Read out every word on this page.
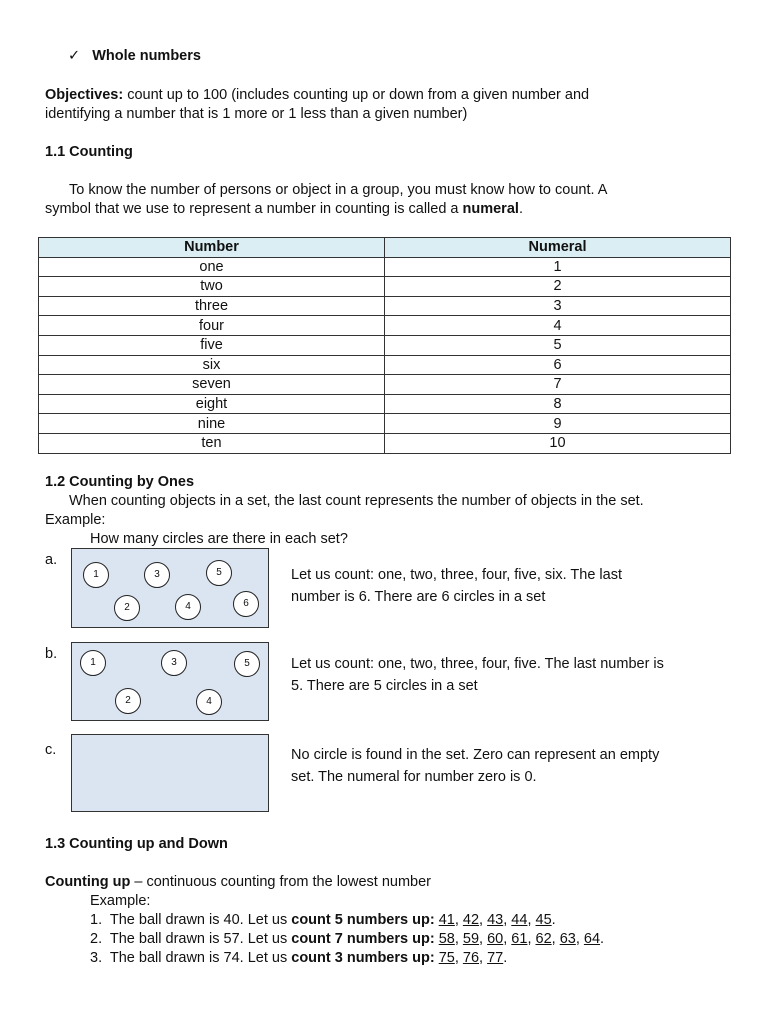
✓ Whole numbers
Objectives: count up to 100 (includes counting up or down from a given number and
identifying a number that is 1 more or 1 less than a given number)
1.1 Counting
To know the number of persons or object in a group, you must know how to count. A
symbol that we use to represent a number in counting is called a numeral.
Number	Numeral
one	1
two	2
three	3
four	4
five	5
six	6
seven	7
eight	8
nine	9
ten	10
1.2 Counting by Ones
When counting objects in a set, the last count represents the number of objects in the set.
Example:
How many circles are there in each set?
a.
1	3	5
2	4	6
Let us count: one, two, three, four, five, six. The last
number is 6. There are 6 circles in a set
b.
1	3	5
2	4
Let us count: one, two, three, four, five. The last number is
5. There are 5 circles in a set
c.	No circle is found in the set. Zero can represent an empty
set. The numeral for number zero is 0.
1.3 Counting up and Down
Counting up – continuous counting from the lowest number
Example:
1. The ball drawn is 40. Let us count 5 numbers up: 41, 42, 43, 44, 45.
2. The ball drawn is 57. Let us count 7 numbers up: 58, 59, 60, 61, 62, 63, 64.
3. The ball drawn is 74. Let us count 3 numbers up: 75, 76, 77.
